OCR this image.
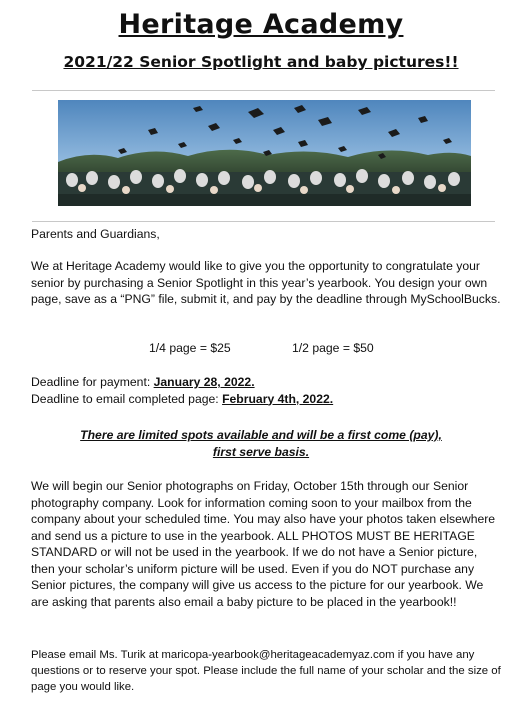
Heritage Academy
2021/22 Senior Spotlight and baby pictures!!

Parents and Guardians,

We at Heritage Academy would like to give you the opportunity to congratulate your senior by purchasing a Senior Spotlight in this year’s yearbook. You design your own page, save as a “PNG” file, submit it, and pay by the deadline through MySchoolBucks.

1/4 page = $25	1/2 page = $50

Deadline for payment: January 28, 2022.

Deadline to email completed page: February 4th, 2022.

There are limited spots available and will be a first come (pay),

first serve basis.

We will begin our Senior photographs on Friday, October 15th through our Senior photography company. Look for information coming soon to your mailbox from the company about your scheduled time. You may also have your photos taken elsewhere and send us a picture to use in the yearbook. ALL PHOTOS MUST BE HERITAGE STANDARD or will not be used in the yearbook. If we do not have a Senior picture, then your scholar’s uniform picture will be used. Even if you do NOT purchase any Senior pictures, the company will give us access to the picture for our yearbook. We are asking that parents also email a baby picture to be placed in the yearbook!!

Please email Ms. Turik at maricopa-yearbook@heritageacademyaz.com if you have any questions or to reserve your spot. Please include the full name of your scholar and the size of page you would like.
